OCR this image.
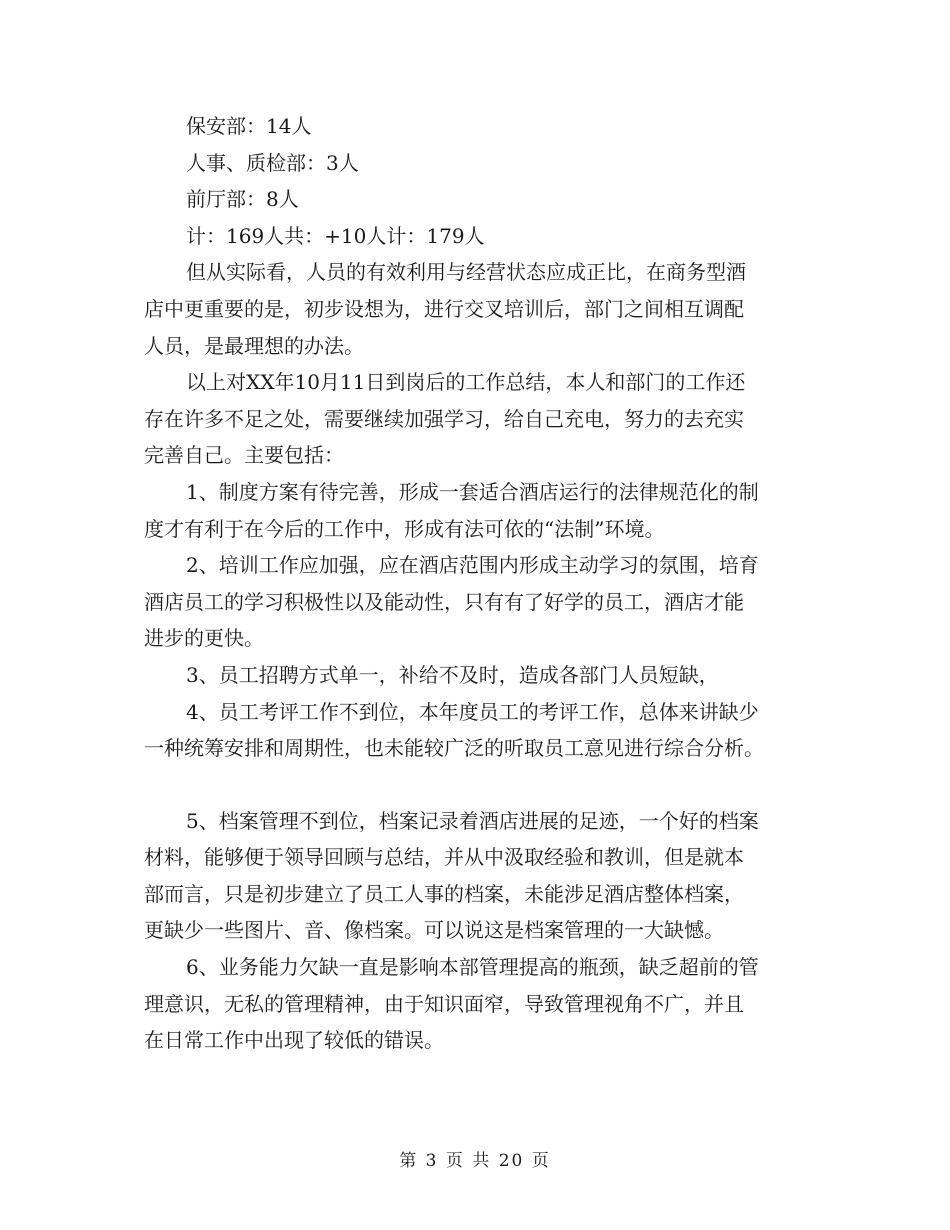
保安部：14人
人事、质检部：3人
前厅部：8人
计：169人共：+10人计：179人
但从实际看，人员的有效利用与经营状态应成正比，在商务型酒
店中更重要的是，初步设想为，进行交叉培训后，部门之间相互调配
人员，是最理想的办法。
以上对XX年10月11日到岗后的工作总结，本人和部门的工作还
存在许多不足之处，需要继续加强学习，给自己充电，努力的去充实
完善自己。主要包括：
1、制度方案有待完善，形成一套适合酒店运行的法律规范化的制
度才有利于在今后的工作中，形成有法可依的“法制”环境。
2、培训工作应加强，应在酒店范围内形成主动学习的氛围，培育
酒店员工的学习积极性以及能动性，只有有了好学的员工，酒店才能
进步的更快。
3、员工招聘方式单一，补给不及时，造成各部门人员短缺，
4、员工考评工作不到位，本年度员工的考评工作，总体来讲缺少
一种统筹安排和周期性，也未能较广泛的听取员工意见进行综合分析。
5、档案管理不到位，档案记录着酒店进展的足迹，一个好的档案
材料，能够便于领导回顾与总结，并从中汲取经验和教训，但是就本
部而言，只是初步建立了员工人事的档案，未能涉足酒店整体档案，
更缺少一些图片、音、像档案。可以说这是档案管理的一大缺憾。
6、业务能力欠缺一直是影响本部管理提高的瓶颈，缺乏超前的管
理意识，无私的管理精神，由于知识面窄，导致管理视角不广，并且
在日常工作中出现了较低的错误。
第 3 页 共 20 页
